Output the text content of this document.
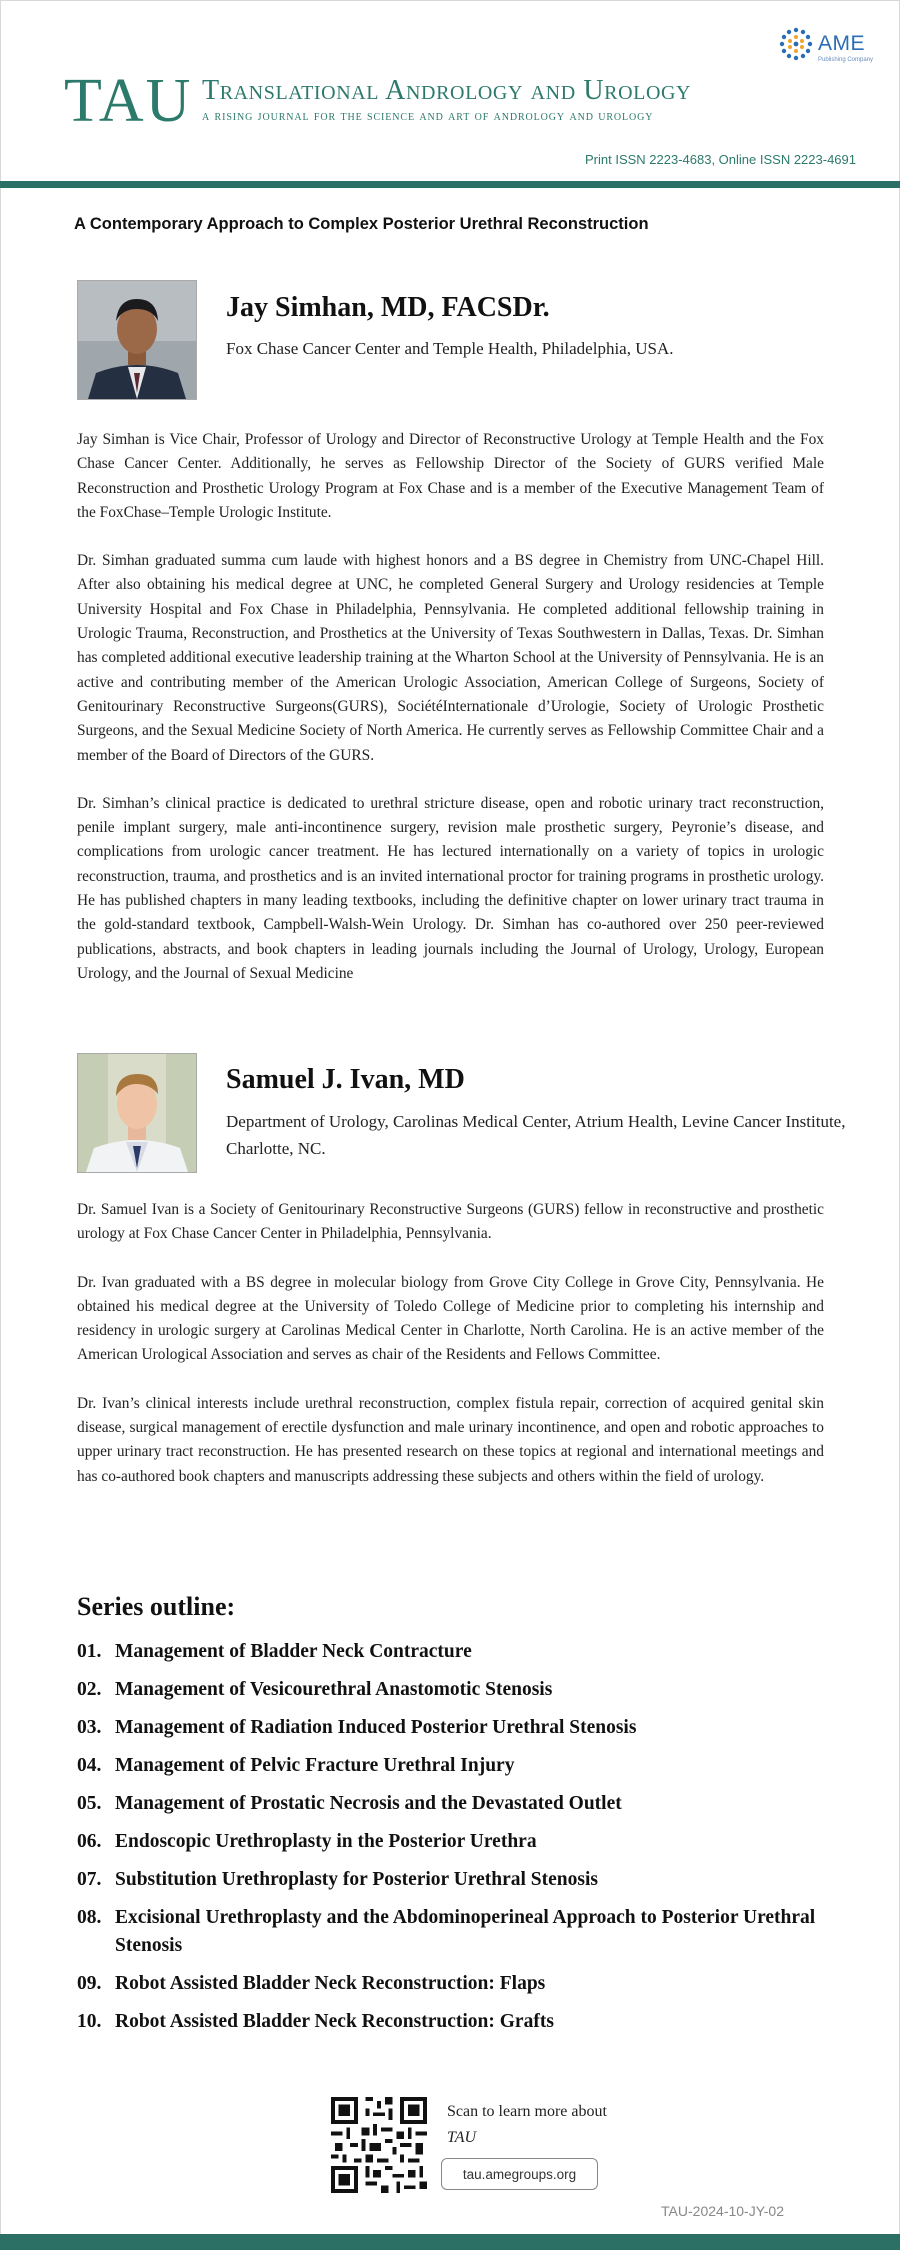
AME
Publishing Company
TAU Translational Andrology and Urology
a rising journal for the science and art of andrology and urology
Print ISSN 2223-4683, Online ISSN 2223-4691
A Contemporary Approach to Complex Posterior Urethral Reconstruction
Jay Simhan, MD, FACSDr.
Fox Chase Cancer Center and Temple Health, Philadelphia, USA.

Jay Simhan is Vice Chair, Professor of Urology and Director of Reconstructive Urology at Temple Health and the Fox Chase Cancer Center. Additionally, he serves as Fellowship Director of the Society of GURS verified Male Reconstruction and Prosthetic Urology Program at Fox Chase and is a member of the Executive Management Team of the FoxChase–Temple Urologic Institute.

Dr. Simhan graduated summa cum laude with highest honors and a BS degree in Chemistry from UNC-Chapel Hill. After also obtaining his medical degree at UNC, he completed General Surgery and Urology residencies at Temple University Hospital and Fox Chase in Philadelphia, Pennsylvania. He completed additional fellowship training in Urologic Trauma, Reconstruction, and Prosthetics at the University of Texas Southwestern in Dallas, Texas. Dr. Simhan has completed additional executive leadership training at the Wharton School at the University of Pennsylvania. He is an active and contributing member of the American Urologic Association, American College of Surgeons, Society of Genitourinary Reconstructive Surgeons(GURS), SociétéInternationale d’Urologie, Society of Urologic Prosthetic Surgeons, and the Sexual Medicine Society of North America. He currently serves as Fellowship Committee Chair and a member of the Board of Directors of the GURS.

Dr. Simhan’s clinical practice is dedicated to urethral stricture disease, open and robotic urinary tract reconstruction, penile implant surgery, male anti-incontinence surgery, revision male prosthetic surgery, Peyronie’s disease, and complications from urologic cancer treatment. He has lectured internationally on a variety of topics in urologic reconstruction, trauma, and prosthetics and is an invited international proctor for training programs in prosthetic urology. He has published chapters in many leading textbooks, including the definitive chapter on lower urinary tract trauma in the gold-standard textbook, Campbell-Walsh-Wein Urology. Dr. Simhan has co-authored over 250 peer-reviewed publications, abstracts, and book chapters in leading journals including the Journal of Urology, Urology, European Urology, and the Journal of Sexual Medicine

Samuel J. Ivan, MD
Department of Urology, Carolinas Medical Center, Atrium Health, Levine Cancer Institute, Charlotte, NC.

Dr. Samuel Ivan is a Society of Genitourinary Reconstructive Surgeons (GURS) fellow in reconstructive and prosthetic urology at Fox Chase Cancer Center in Philadelphia, Pennsylvania.

Dr. Ivan graduated with a BS degree in molecular biology from Grove City College in Grove City, Pennsylvania. He obtained his medical degree at the University of Toledo College of Medicine prior to completing his internship and residency in urologic surgery at Carolinas Medical Center in Charlotte, North Carolina. He is an active member of the American Urological Association and serves as chair of the Residents and Fellows Committee.

Dr. Ivan’s clinical interests include urethral reconstruction, complex fistula repair, correction of acquired genital skin disease, surgical management of erectile dysfunction and male urinary incontinence, and open and robotic approaches to upper urinary tract reconstruction. He has presented research on these topics at regional and international meetings and has co-authored book chapters and manuscripts addressing these subjects and others within the field of urology.

Series outline:
01. Management of Bladder Neck Contracture
02. Management of Vesicourethral Anastomotic Stenosis
03. Management of Radiation Induced Posterior Urethral Stenosis
04. Management of Pelvic Fracture Urethral Injury
05. Management of Prostatic Necrosis and the Devastated Outlet
06. Endoscopic Urethroplasty in the Posterior Urethra
07. Substitution Urethroplasty for Posterior Urethral Stenosis
08. Excisional Urethroplasty and the Abdominoperineal Approach to Posterior Urethral Stenosis
09. Robot Assisted Bladder Neck Reconstruction: Flaps
10. Robot Assisted Bladder Neck Reconstruction: Grafts
Scan to learn more about TAU
tau.amegroups.org
TAU-2024-10-JY-02
